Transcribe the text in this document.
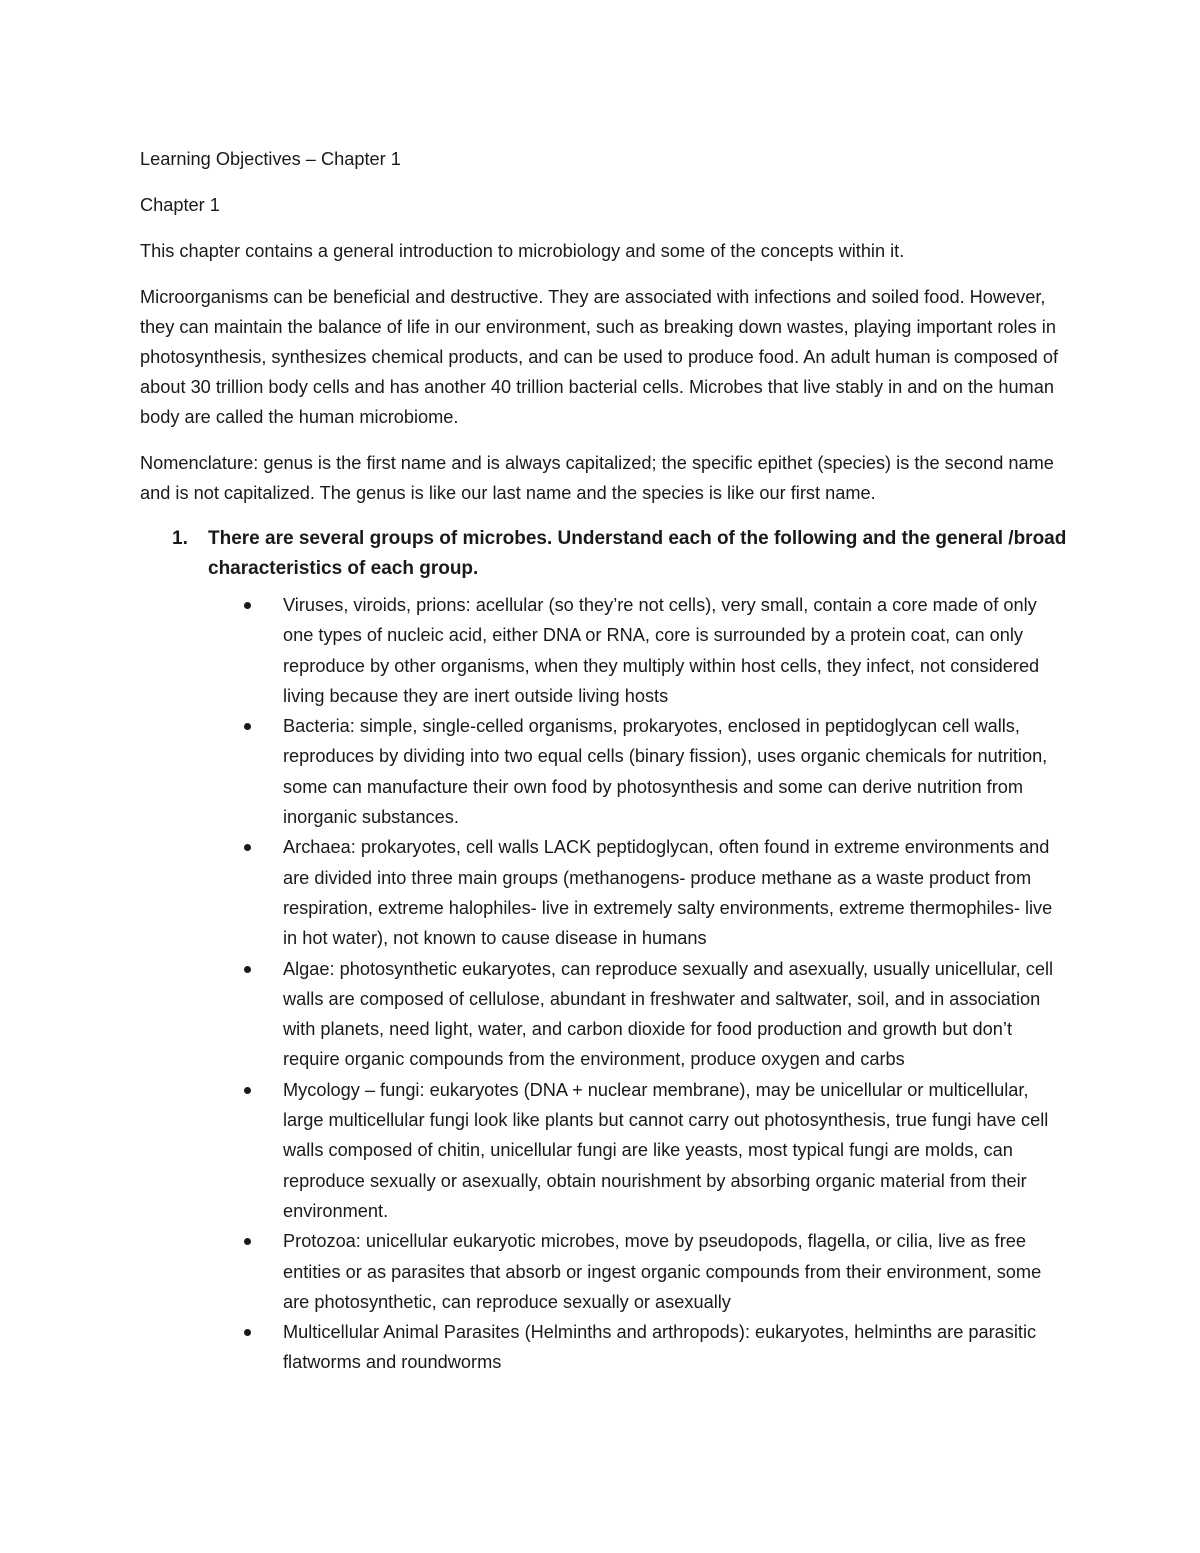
Learning Objectives – Chapter 1

Chapter 1

This chapter contains a general introduction to microbiology and some of the concepts within it.

Microorganisms can be beneficial and destructive. They are associated with infections and soiled food. However, they can maintain the balance of life in our environment, such as breaking down wastes, playing important roles in photosynthesis, synthesizes chemical products, and can be used to produce food. An adult human is composed of about 30 trillion body cells and has another 40 trillion bacterial cells. Microbes that live stably in and on the human body are called the human microbiome.

Nomenclature: genus is the first name and is always capitalized; the specific epithet (species) is the second name and is not capitalized. The genus is like our last name and the species is like our first name.

1. There are several groups of microbes. Understand each of the following and the general /broad characteristics of each group.
Viruses, viroids, prions: acellular (so they’re not cells), very small, contain a core made of only one types of nucleic acid, either DNA or RNA, core is surrounded by a protein coat, can only reproduce by other organisms, when they multiply within host cells, they infect, not considered living because they are inert outside living hosts
Bacteria: simple, single-celled organisms, prokaryotes, enclosed in peptidoglycan cell walls, reproduces by dividing into two equal cells (binary fission), uses organic chemicals for nutrition, some can manufacture their own food by photosynthesis and some can derive nutrition from inorganic substances.
Archaea: prokaryotes, cell walls LACK peptidoglycan, often found in extreme environments and are divided into three main groups (methanogens- produce methane as a waste product from respiration, extreme halophiles- live in extremely salty environments, extreme thermophiles- live in hot water), not known to cause disease in humans
Algae: photosynthetic eukaryotes, can reproduce sexually and asexually, usually unicellular, cell walls are composed of cellulose, abundant in freshwater and saltwater, soil, and in association with planets, need light, water, and carbon dioxide for food production and growth but don’t require organic compounds from the environment, produce oxygen and carbs
Mycology – fungi: eukaryotes (DNA + nuclear membrane), may be unicellular or multicellular, large multicellular fungi look like plants but cannot carry out photosynthesis, true fungi have cell walls composed of chitin, unicellular fungi are like yeasts, most typical fungi are molds, can reproduce sexually or asexually, obtain nourishment by absorbing organic material from their environment.
Protozoa: unicellular eukaryotic microbes, move by pseudopods, flagella, or cilia, live as free entities or as parasites that absorb or ingest organic compounds from their environment, some are photosynthetic, can reproduce sexually or asexually
Multicellular Animal Parasites (Helminths and arthropods): eukaryotes, helminths are parasitic flatworms and roundworms
